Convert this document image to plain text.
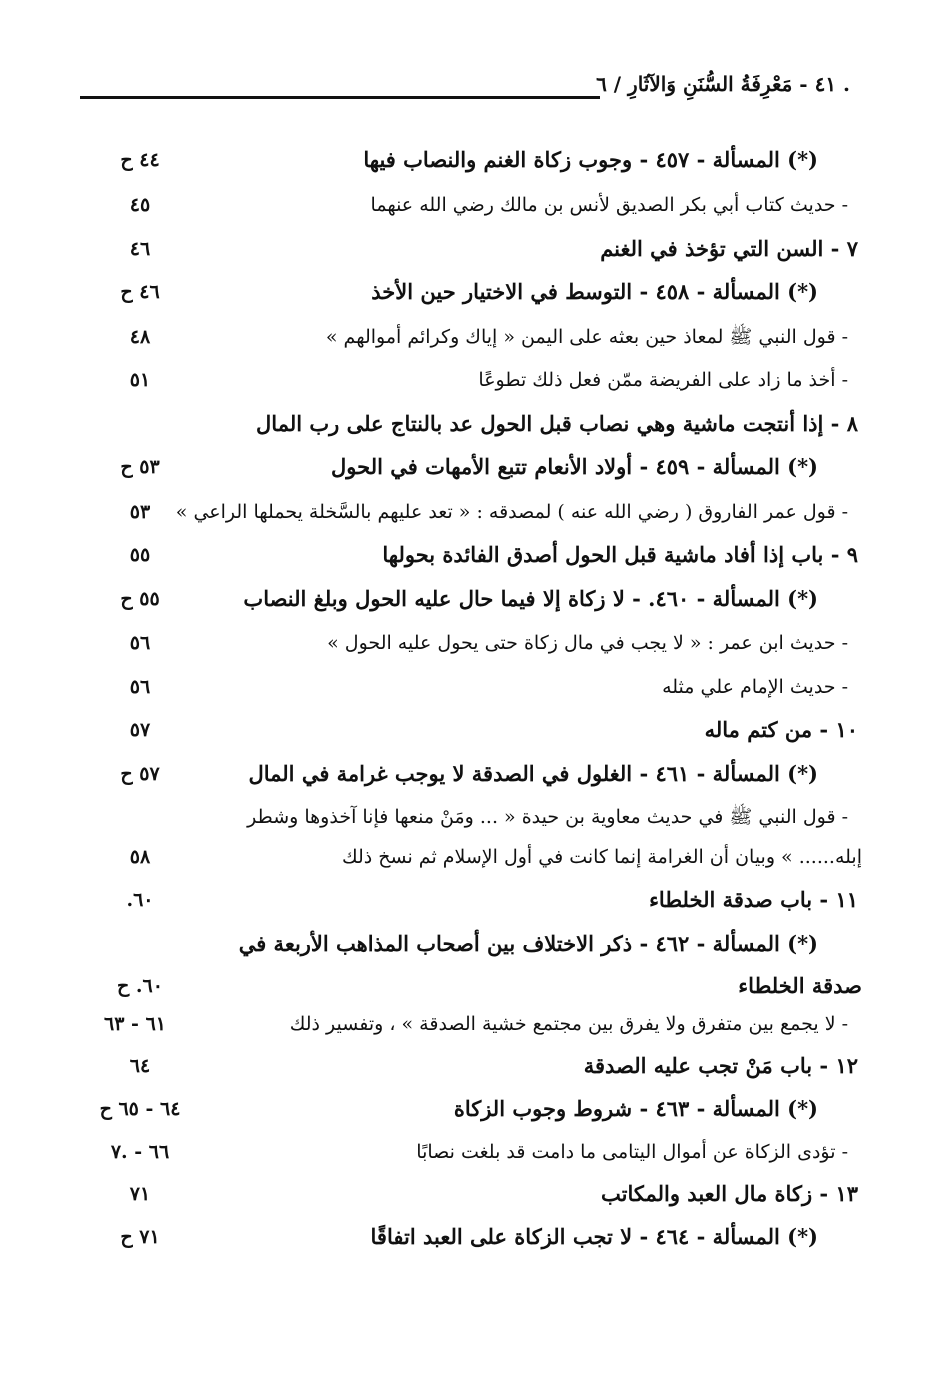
. ٤١ - مَعْرِفَةُ السُّنَنِ وَالآثَارِ / ٦
(*) المسألة - ٤٥٧ - وجوب زكاة الغنم والنصاب فيها
٤٤ ح
- حديث كتاب أبي بكر الصديق لأنس بن مالك رضي الله عنهما
٤٥
٧ - السن التي تؤخذ في الغنم
٤٦
(*) المسألة - ٤٥٨ - التوسط في الاختيار حين الأخذ
٤٦ ح
- قول النبي ﷺ لمعاذ حين بعثه على اليمن « إياك وكرائم أموالهم »
٤٨
- أخذ ما زاد على الفريضة ممّن فعل ذلك تطوعًا
٥١
٨ - إذا أنتجت ماشية وهي نصاب قبل الحول عد بالنتاج على رب المال
(*) المسألة - ٤٥٩ - أولاد الأنعام تتبع الأمهات في الحول
٥٣ ح
- قول عمر الفاروق ( رضي الله عنه ) لمصدقه : « تعد عليهم بالسَّخلة يحملها الراعي »
٥٣
٩ - باب إذا أفاد ماشية قبل الحول أصدق الفائدة بحولها
٥٥
(*) المسألة - ٤٦٠. - لا زكاة إلا فيما حال عليه الحول وبلغ النصاب
٥٥ ح
- حديث ابن عمر : « لا يجب في مال زكاة حتى يحول عليه الحول »
٥٦
- حديث الإمام علي مثله
٥٦
١٠ - من كتم ماله
٥٧
(*) المسألة - ٤٦١ - الغلول في الصدقة لا يوجب غرامة في المال
٥٧ ح
- قول النبي ﷺ في حديث معاوية بن حيدة « ... ومَنْ منعها فإنا آخذوها وشطر
إبله...... » وبيان أن الغرامة إنما كانت في أول الإسلام ثم نسخ ذلك
٥٨
١١ - باب صدقة الخلطاء
٦٠.
(*) المسألة - ٤٦٢ - ذكر الاختلاف بين أصحاب المذاهب الأربعة في
صدقة الخلطاء
٦٠. ح
- لا يجمع بين متفرق ولا يفرق بين مجتمع خشية الصدقة » ، وتفسير ذلك
٦١ - ٦٣
١٢ - باب مَنْ تجب عليه الصدقة
٦٤
(*) المسألة - ٤٦٣ - شروط وجوب الزكاة
٦٤ - ٦٥ ح
- تؤدى الزكاة عن أموال اليتامى ما دامت قد بلغت نصابًا
٦٦ - .٧
١٣ - زكاة مال العبد والمكاتب
٧١
(*) المسألة - ٤٦٤ - لا تجب الزكاة على العبد اتفاقًا
٧١ ح
